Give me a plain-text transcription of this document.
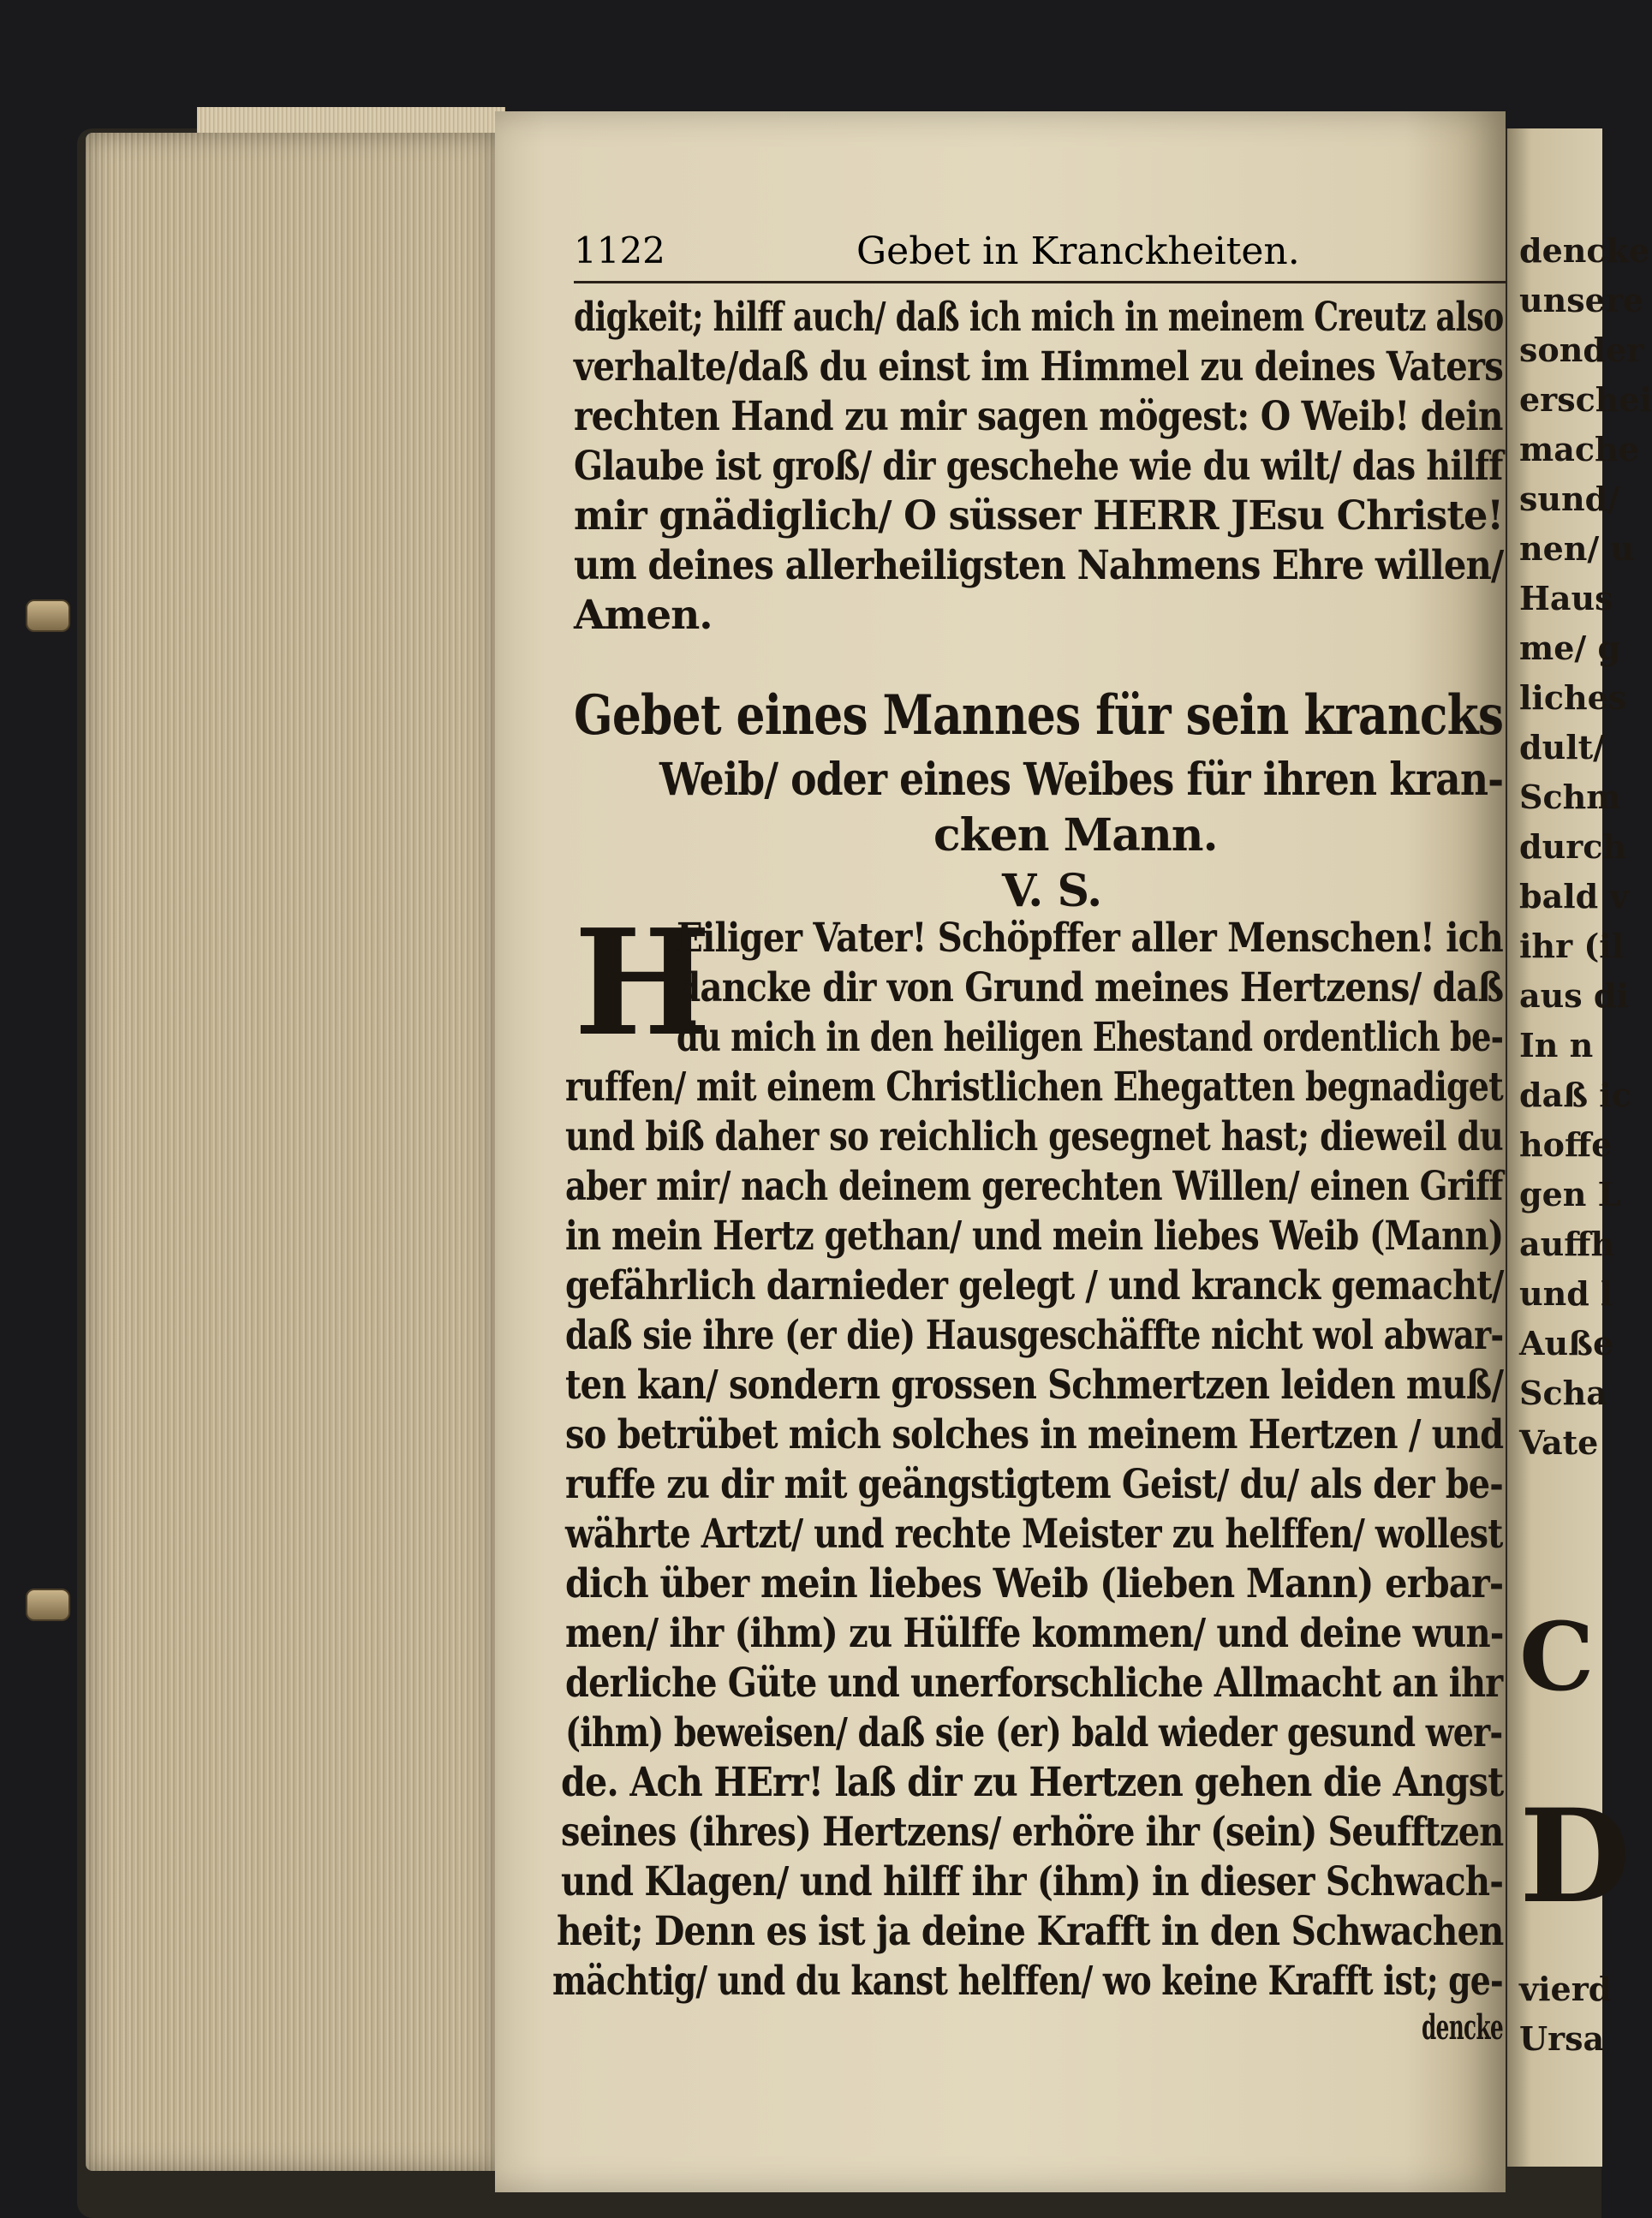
dencke
unsere
sonder
erschei
mache
sund/
nen/ u
Haus
me/ g
liches
dult/
Schm
durch
bald v
ihr (il
aus di
In n
daß ic
hoffe
gen L
auffh
und l
Auße
Scha
Vate
C
D
vierd
Ursa
1122	Gebet in Kranckheiten.
digkeit; hilff auch/ daß ich mich in meinem Creutz also
verhalte/daß du einst im Himmel zu deines Vaters
rechten Hand zu mir sagen mögest: O Weib! dein
Glaube ist groß/ dir geschehe wie du wilt/ das hilff
mir gnädiglich/ O süsser HERR JEsu Christe!
um deines allerheiligsten Nahmens Ehre willen/
Amen.
Gebet eines Mannes für sein krancks
Weib/ oder eines Weibes für ihren kran-
cken Mann.
V. S.
H
Eiliger Vater! Schöpffer aller Menschen! ich
dancke dir von Grund meines Hertzens/ daß
du mich in den heiligen Ehestand ordentlich be-
ruffen/ mit einem Christlichen Ehegatten begnadiget
und biß daher so reichlich gesegnet hast; dieweil du
aber mir/ nach deinem gerechten Willen/ einen Griff
in mein Hertz gethan/ und mein liebes Weib (Mann)
gefährlich darnieder gelegt / und kranck gemacht/
daß sie ihre (er die) Hausgeschäffte nicht wol abwar-
ten kan/ sondern grossen Schmertzen leiden muß/
so betrübet mich solches in meinem Hertzen / und
ruffe zu dir mit geängstigtem Geist/ du/ als der be-
währte Artzt/ und rechte Meister zu helffen/ wollest
dich über mein liebes Weib (lieben Mann) erbar-
men/ ihr (ihm) zu Hülffe kommen/ und deine wun-
derliche Güte und unerforschliche Allmacht an ihr
(ihm) beweisen/ daß sie (er) bald wieder gesund wer-
de. Ach HErr! laß dir zu Hertzen gehen die Angst
seines (ihres) Hertzens/ erhöre ihr (sein) Seufftzen
und Klagen/ und hilff ihr (ihm) in dieser Schwach-
heit; Denn es ist ja deine Krafft in den Schwachen
mächtig/ und du kanst helffen/ wo keine Krafft ist; ge-
dencke
